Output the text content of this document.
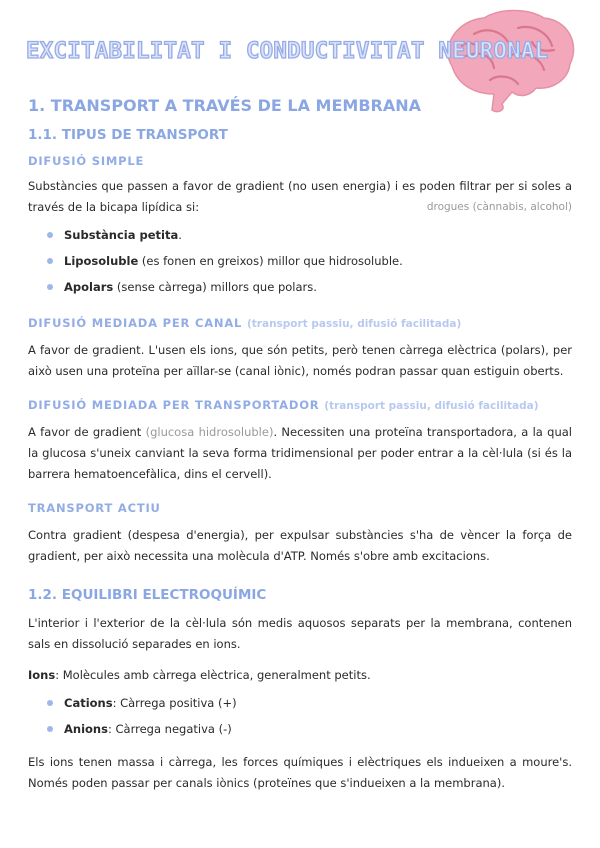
EXCITABILITAT I CONDUCTIVITAT NEURONAL
1. TRANSPORT A TRAVÉS DE LA MEMBRANA
1.1. TIPUS DE TRANSPORT
DIFUSIÓ SIMPLE

Substàncies que passen a favor de gradient (no usen energia) i es poden filtrar per si soles a través de la bicapa lipídica si:	drogues (cànnabis, alcohol)

Substància petita.
Liposoluble (es fonen en greixos) millor que hidrosoluble.
Apolars (sense càrrega) millors que polars.
DIFUSIÓ MEDIADA PER CANAL (transport passiu, difusió facilitada)

A favor de gradient. L'usen els ions, que són petits, però tenen càrrega elèctrica (polars), per això usen una proteïna per aïllar-se (canal iònic), només podran passar quan estiguin oberts.

DIFUSIÓ MEDIADA PER TRANSPORTADOR (transport passiu, difusió facilitada)

A favor de gradient (glucosa hidrosoluble). Necessiten una proteïna transportadora, a la qual la glucosa s'uneix canviant la seva forma tridimensional per poder entrar a la cèl·lula (si és la barrera hematoencefàlica, dins el cervell).

TRANSPORT ACTIU

Contra gradient (despesa d'energia), per expulsar substàncies s'ha de vèncer la força de gradient, per això necessita una molècula d'ATP. Només s'obre amb excitacions.

1.2. EQUILIBRI ELECTROQUÍMIC

L'interior i l'exterior de la cèl·lula són medis aquosos separats per la membrana, contenen sals en dissolució separades en ions.

Ions: Molècules amb càrrega elèctrica, generalment petits.

Cations: Càrrega positiva (+)
Anions: Càrrega negativa (-)

Els ions tenen massa i càrrega, les forces químiques i elèctriques els indueixen a moure's. Només poden passar per canals iònics (proteïnes que s'indueixen a la membrana).
